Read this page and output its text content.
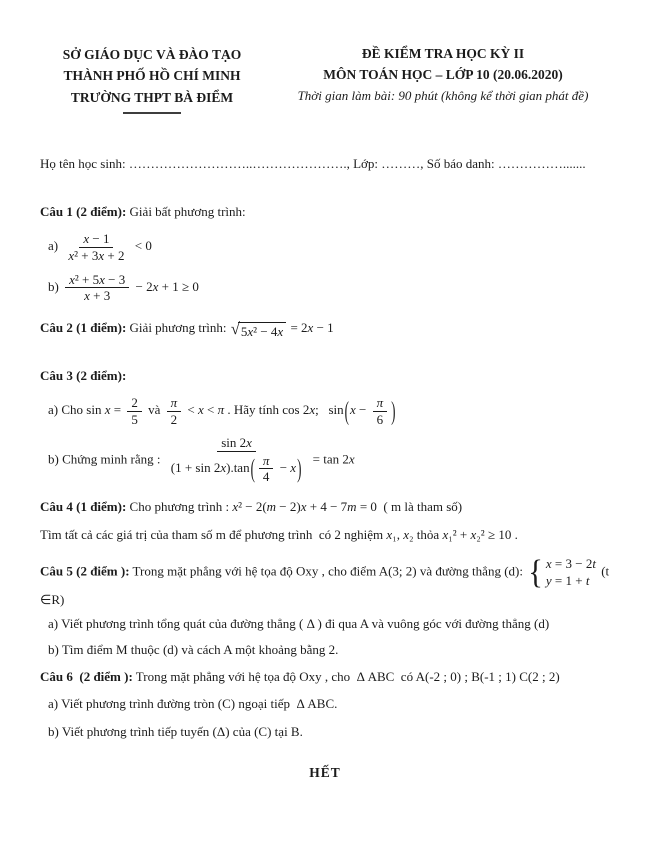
SỞ GIÁO DỤC VÀ ĐÀO TẠO
THÀNH PHỐ HỒ CHÍ MINH
TRƯỜNG THPT BÀ ĐIỂM
ĐỀ KIỂM TRA HỌC KỲ II
MÔN TOÁN HỌC – LỚP 10 (20.06.2020)
Thời gian làm bài: 90 phút (không kể thời gian phát đề)
Họ tên học sinh: ………………………..…………………., Lớp: ………, Số báo danh: …………….......
Câu 1 (2 điểm): Giải bất phương trình:
$a) \frac{x - 1}{\text{x² + 3x + 2}} < 0$
$b) \frac{\text{x² + 5x − 3}}{x + 3} - 2x + 1 \ge 0$
Câu 2 (1 điểm): Giải phương trình: √ 5x² − 4x = 2x − 1
Câu 3 (2 điểm):
a) Cho $\sin x = \frac{2}{5}$ và $\frac{\pi}{2} < x < \pi$ . Hãy tính cos 2x;   $\sin(x - \frac{\pi}{6}$ )
b) Chứng minh rằng : $\frac{\sin 2x}{(1 + \sin 2x).\tan( \frac{\pi}{4} - x)} = \tan 2x$
Câu 4 (1 điểm): Cho phương trình : x² − 2(m − 2)x + 4 − 7m = 0  ( m là tham số)
Tìm tất cả các giá trị của tham số m để phương trình  có 2 nghiệm x₁, x₂ thỏa x₁² + x₂² ≥ 10 .
Câu 5 (2 điểm ): Trong mặt phẳng với hệ tọa độ Oxy , cho điểm A(3; 2) và đường thẳng (d): { x = 3 − 2t
y = 1 + t
(t ∈R)
a) Viết phương trình tổng quát của đường thẳng ( Δ ) đi qua A và vuông góc với đường thẳng (d)
b) Tìm điểm M thuộc (d) và cách A một khoảng bằng 2.
Câu 6  (2 điểm ): Trong mặt phẳng với hệ tọa độ Oxy , cho  Δ ABC  có A(-2 ; 0) ; B(-1 ; 1) C(2 ; 2)
a) Viết phương trình đường tròn (C) ngoại tiếp  Δ ABC.
b) Viết phương trình tiếp tuyến (Δ) của (C) tại B.
HẾT
